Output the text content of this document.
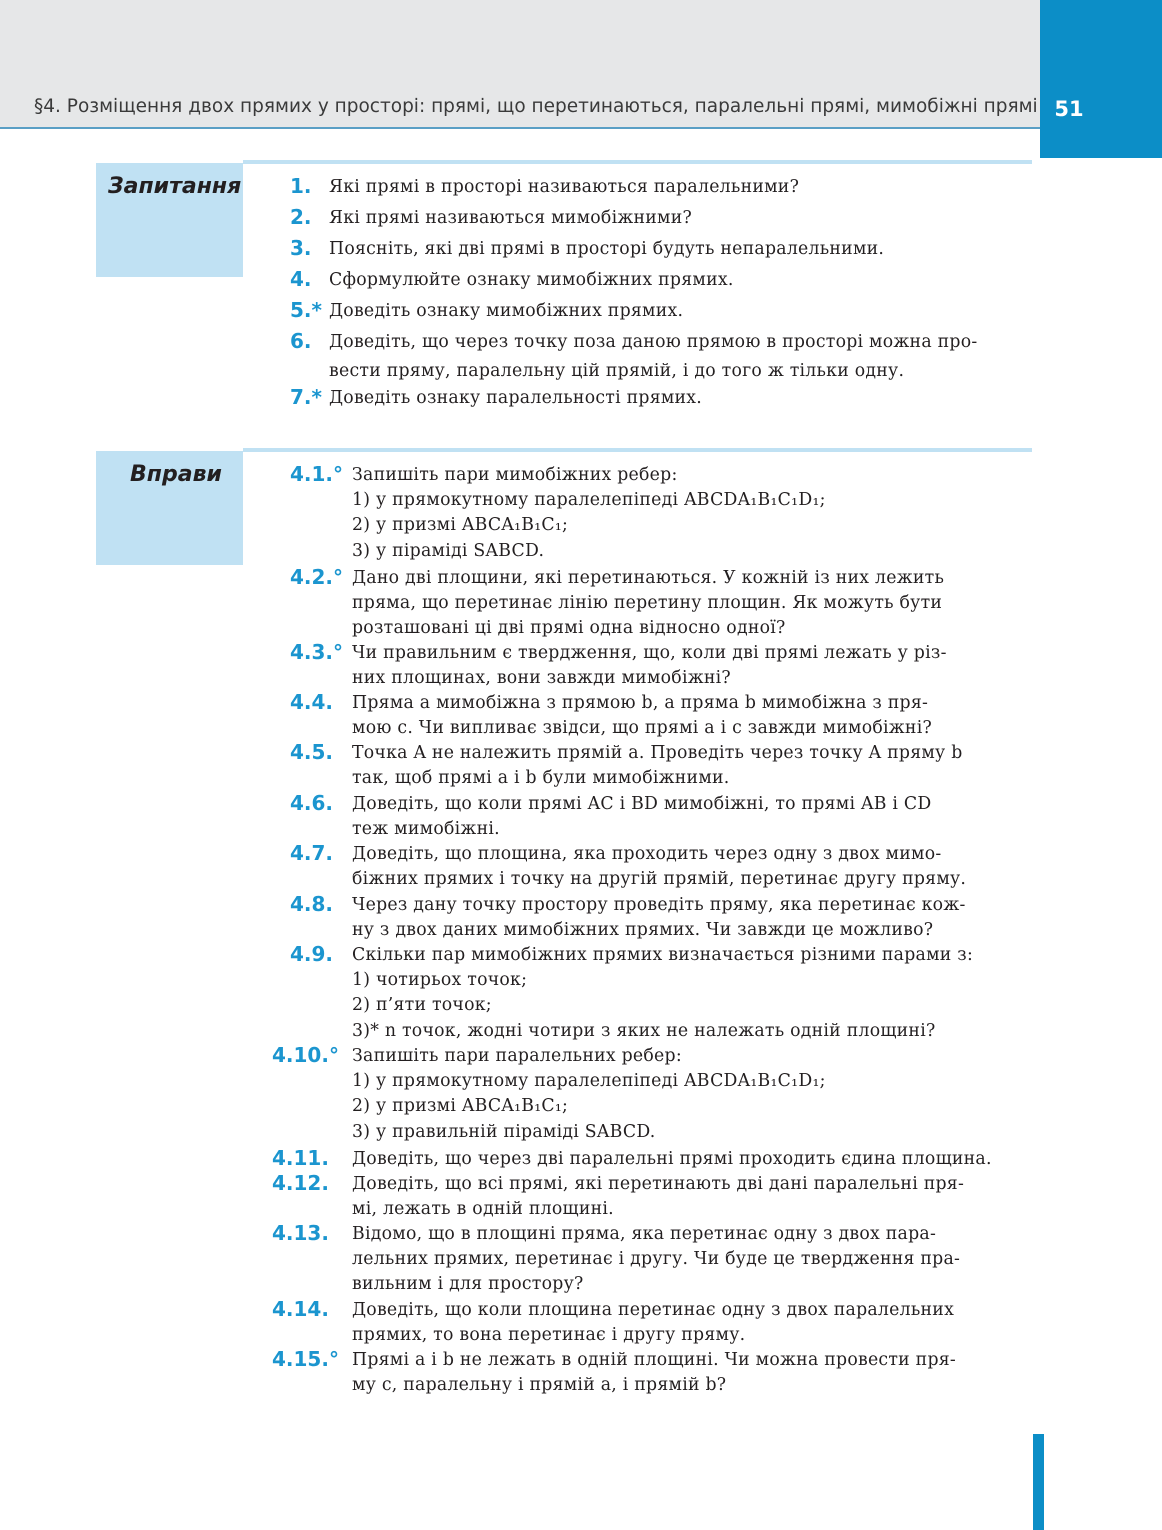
§4. Розміщення двох прямих у просторі: прямі, що перетинаються, паралельні прямі, мимобіжні прямі 51
Запитання 1. Які прямі в просторі називаються паралельними?
2. Які прямі називаються мимобіжними?
3. Поясніть, які дві прямі в просторі будуть непаралельними.
4. Сформулюйте ознаку мимобіжних прямих.
5.* Доведіть ознаку мимобіжних прямих.
6. Доведіть, що через точку поза даною прямою в просторі можна про-
вести пряму, паралельну цій прямій, і до того ж тільки одну.
7.* Доведіть ознаку паралельності прямих.
Вправи	4.1.° Запишіть пари мимобіжних ребер:
1) у прямокутному паралелепіпеді ABCDA₁B₁C₁D₁;
2) у призмі ABCA₁B₁C₁;
3) у піраміді SABCD.
4.2.° Дано дві площини, які перетинаються. У кожній із них лежить
пряма, що перетинає лінію перетину площин. Як можуть бути
розташовані ці дві прямі одна відносно одної?
4.3.° Чи правильним є твердження, що, коли дві прямі лежать у різ-
них площинах, вони завжди мимобіжні?
4.4. Пряма a мимобіжна з прямою b, а пряма b мимобіжна з пря-
мою c. Чи випливає звідси, що прямі a і c завжди мимобіжні?
4.5. Точка A не належить прямій a. Проведіть через точку A пряму b
так, щоб прямі a і b були мимобіжними.
4.6. Доведіть, що коли прямі AC і BD мимобіжні, то прямі AB і CD
теж мимобіжні.
4.7. Доведіть, що площина, яка проходить через одну з двох мимо-
біжних прямих і точку на другій прямій, перетинає другу пряму.
4.8. Через дану точку простору проведіть пряму, яка перетинає кож-
ну з двох даних мимобіжних прямих. Чи завжди це можливо?
4.9. Скільки пар мимобіжних прямих визначається різними парами з:
1) чотирьох точок;
2) п’яти точок;
3)* n точок, жодні чотири з яких не належать одній площині?
4.10.° Запишіть пари паралельних ребер:
1) у прямокутному паралелепіпеді ABCDA₁B₁C₁D₁;
2) у призмі ABCA₁B₁C₁;
3) у правильній піраміді SABCD.
4.11. Доведіть, що через дві паралельні прямі проходить єдина площина.
4.12. Доведіть, що всі прямі, які перетинають дві дані паралельні пря-
мі, лежать в одній площині.
4.13. Відомо, що в площині пряма, яка перетинає одну з двох пара-
лельних прямих, перетинає і другу. Чи буде це твердження пра-
вильним і для простору?
4.14. Доведіть, що коли площина перетинає одну з двох паралельних
прямих, то вона перетинає і другу пряму.
4.15.° Прямі a і b не лежать в одній площині. Чи можна провести пря-
му c, паралельну і прямій a, і прямій b?
